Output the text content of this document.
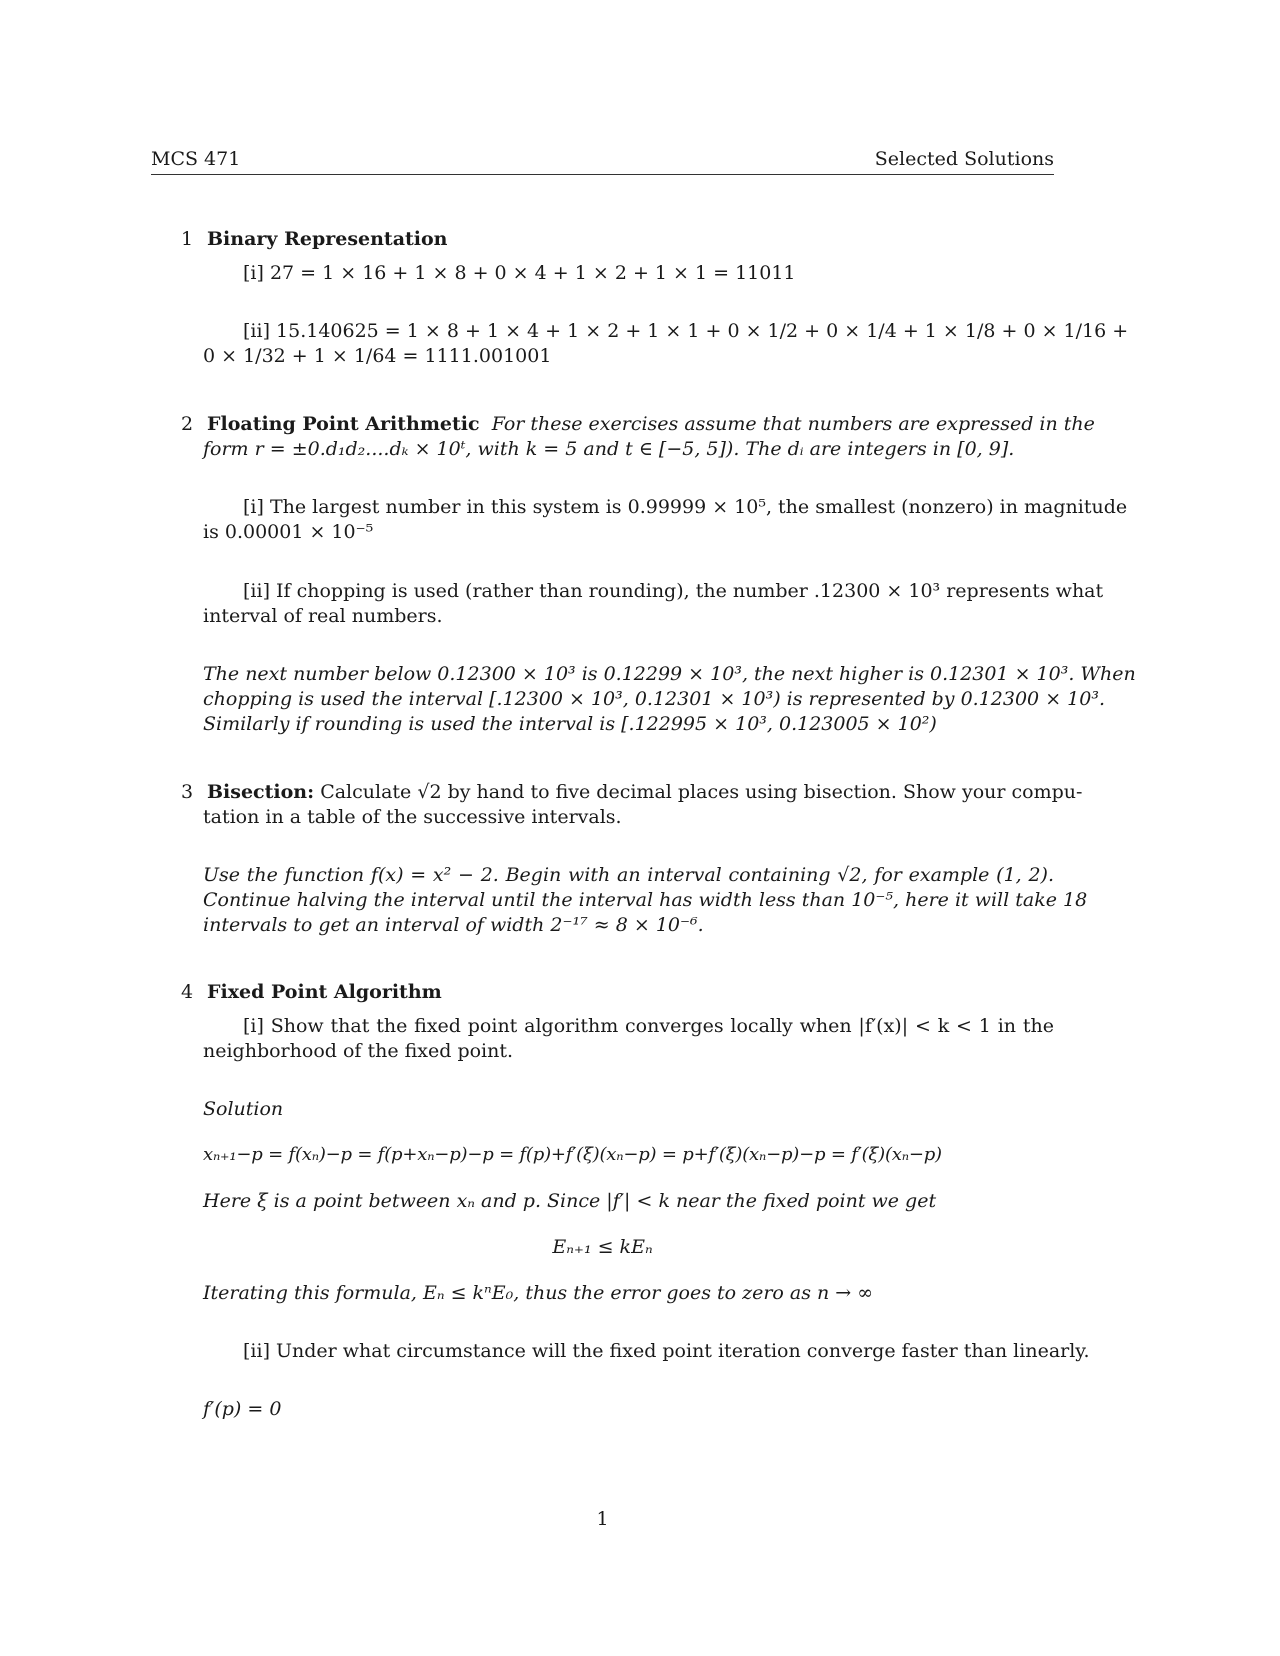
MCS 471	Selected Solutions
1 Binary Representation
[i] 27 = 1 × 16 + 1 × 8 + 0 × 4 + 1 × 2 + 1 × 1 = 11011
[ii] 15.140625 = 1 × 8 + 1 × 4 + 1 × 2 + 1 × 1 + 0 × 1/2 + 0 × 1/4 + 1 × 1/8 + 0 × 1/16 +
0 × 1/32 + 1 × 1/64 = 1111.001001
2 Floating Point Arithmetic For these exercises assume that numbers are expressed in the
form r = ±0.d₁d₂....dₖ × 10ᵗ, with k = 5 and t ∈ [−5, 5]). The dᵢ are integers in [0, 9].
[i] The largest number in this system is 0.99999 × 10⁵, the smallest (nonzero) in magnitude
is 0.00001 × 10⁻⁵
[ii] If chopping is used (rather than rounding), the number .12300 × 10³ represents what
interval of real numbers.
The next number below 0.12300 × 10³ is 0.12299 × 10³, the next higher is 0.12301 × 10³. When
chopping is used the interval [.12300 × 10³, 0.12301 × 10³) is represented by 0.12300 × 10³.
Similarly if rounding is used the interval is [.122995 × 10³, 0.123005 × 10²)
3 Bisection: Calculate √2 by hand to five decimal places using bisection. Show your compu-
tation in a table of the successive intervals.
Use the function f(x) = x² − 2. Begin with an interval containing √2, for example (1, 2).
Continue halving the interval until the interval has width less than 10⁻⁵, here it will take 18
intervals to get an interval of width 2⁻¹⁷ ≈ 8 × 10⁻⁶.
4 Fixed Point Algorithm
[i] Show that the fixed point algorithm converges locally when |f′(x)| < k < 1 in the
neighborhood of the fixed point.
Solution
xₙ₊₁−p = f(xₙ)−p = f(p+xₙ−p)−p = f(p)+f′(ξ)(xₙ−p) = p+f′(ξ)(xₙ−p)−p = f′(ξ)(xₙ−p)
Here ξ is a point between xₙ and p. Since |f′| < k near the fixed point we get
Eₙ₊₁ ≤ kEₙ
Iterating this formula, Eₙ ≤ kⁿE₀, thus the error goes to zero as n → ∞
[ii] Under what circumstance will the fixed point iteration converge faster than linearly.
f′(p) = 0
1
